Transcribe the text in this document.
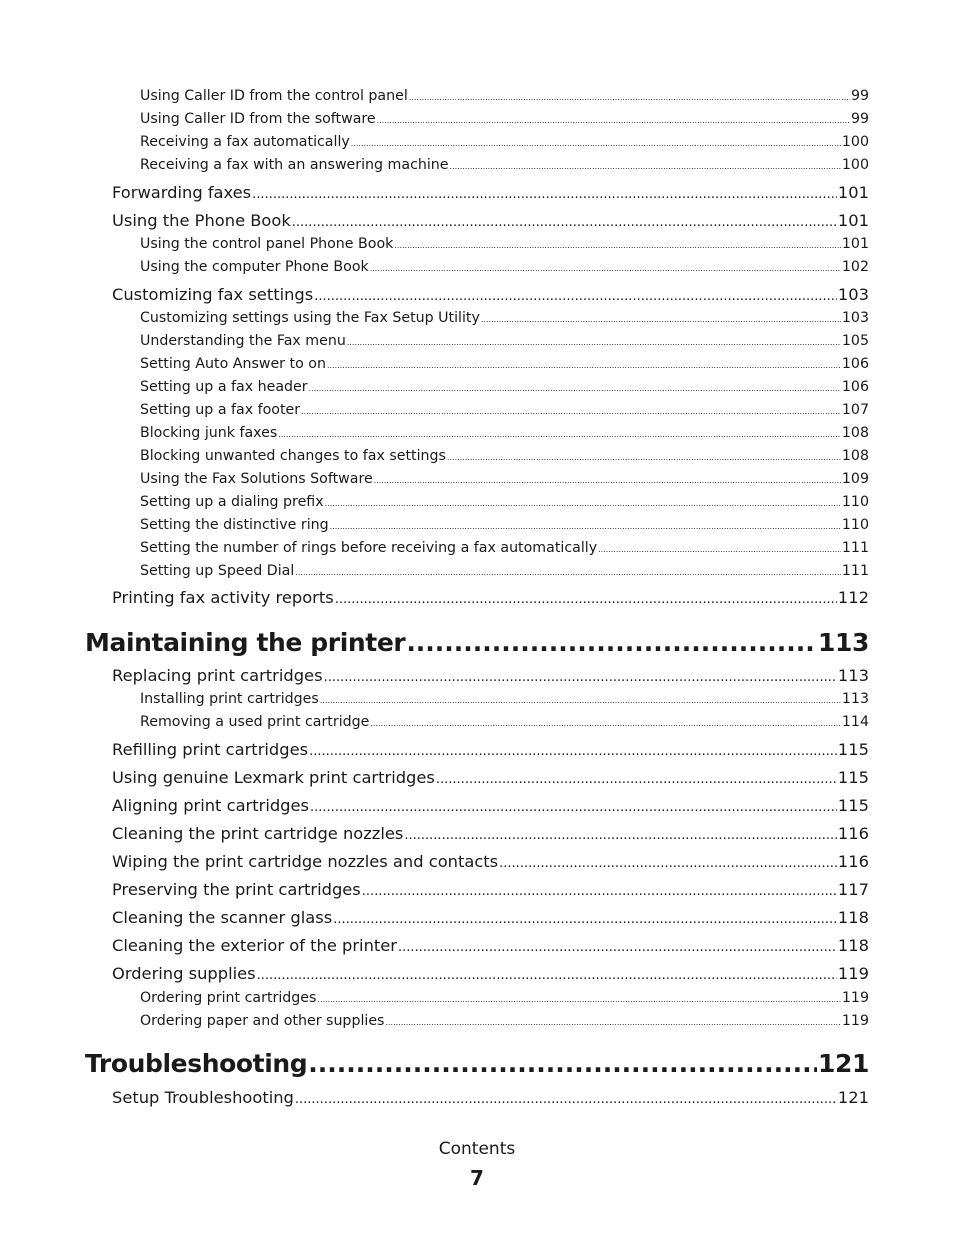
Using Caller ID from the control panel .....	99
Using Caller ID from the software .....	99
Receiving a fax automatically .....	100
Receiving a fax with an answering machine .....	100
Forwarding faxes .....	101
Using the Phone Book .....	101
Using the control panel Phone Book .....	101
Using the computer Phone Book .....	102
Customizing fax settings .....	103
Customizing settings using the Fax Setup Utility .....	103
Understanding the Fax menu .....	105
Setting Auto Answer to on .....	106
Setting up a fax header .....	106
Setting up a fax footer .....	107
Blocking junk faxes .....	108
Blocking unwanted changes to fax settings .....	108
Using the Fax Solutions Software .....	109
Setting up a dialing prefix .....	110
Setting the distinctive ring .....	110
Setting the number of rings before receiving a fax automatically .....	111
Setting up Speed Dial .....	111
Printing fax activity reports .....	112
Maintaining the printer .....	113
Replacing print cartridges .....	113
Installing print cartridges .....	113
Removing a used print cartridge .....	114
Refilling print cartridges .....	115
Using genuine Lexmark print cartridges .....	115
Aligning print cartridges .....	115
Cleaning the print cartridge nozzles .....	116
Wiping the print cartridge nozzles and contacts .....	116
Preserving the print cartridges .....	117
Cleaning the scanner glass .....	118
Cleaning the exterior of the printer .....	118
Ordering supplies .....	119
Ordering print cartridges .....	119
Ordering paper and other supplies .....	119
Troubleshooting .....	121
Setup Troubleshooting .....	121
Contents
7
